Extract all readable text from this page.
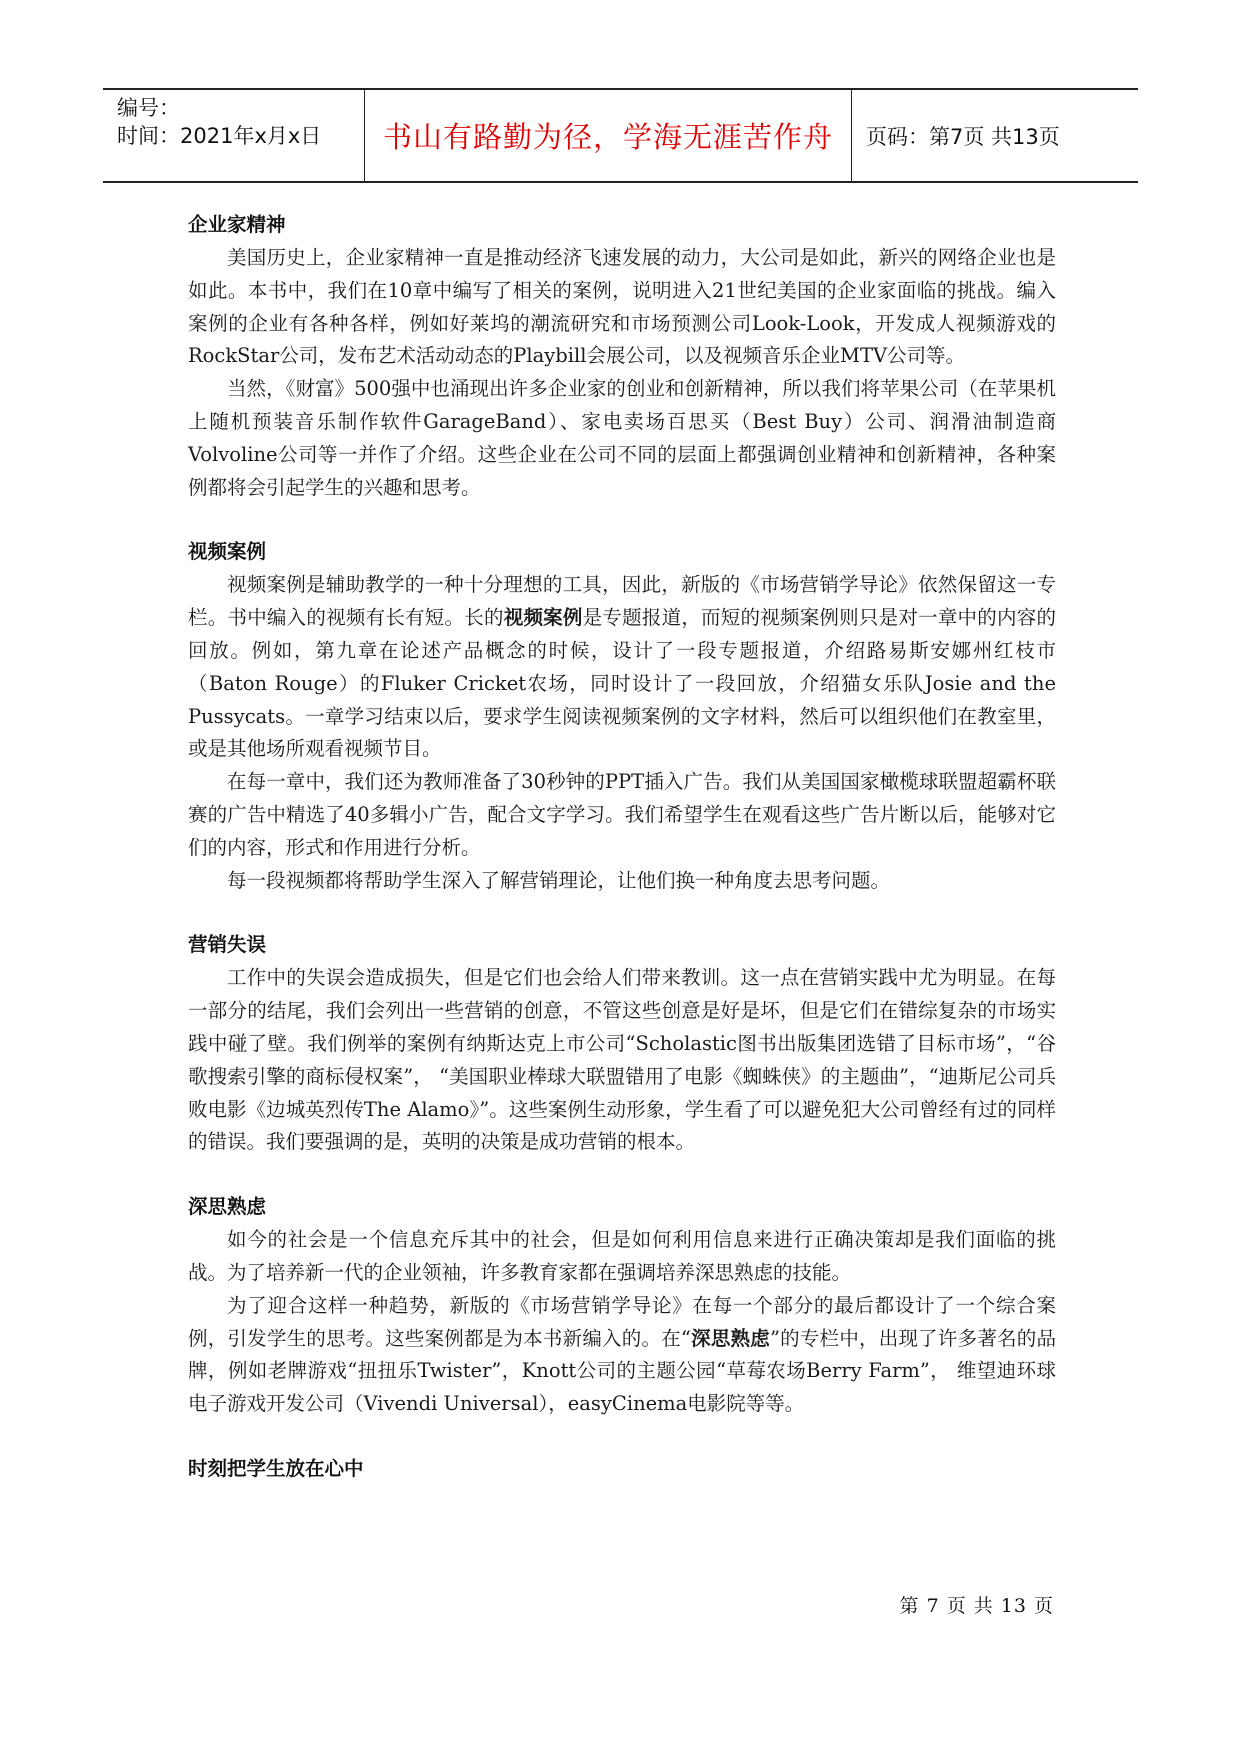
编号：
时间：2021年x月x日	书山有路勤为径，学海无涯苦作舟	页码：第7页 共13页
企业家精神

美国历史上，企业家精神一直是推动经济飞速发展的动力，大公司是如此，新兴的网络企业也是如此。本书中，我们在10章中编写了相关的案例，说明进入21世纪美国的企业家面临的挑战。编入案例的企业有各种各样，例如好莱坞的潮流研究和市场预测公司Look-Look，开发成人视频游戏的RockStar公司，发布艺术活动动态的Playbill会展公司，以及视频音乐企业MTV公司等。

当然，《财富》500强中也涌现出许多企业家的创业和创新精神，所以我们将苹果公司（在苹果机上随机预装音乐制作软件GarageBand）、家电卖场百思买（Best Buy）公司、润滑油制造商Volvoline公司等一并作了介绍。这些企业在公司不同的层面上都强调创业精神和创新精神，各种案例都将会引起学生的兴趣和思考。

视频案例

视频案例是辅助教学的一种十分理想的工具，因此，新版的《市场营销学导论》依然保留这一专栏。书中编入的视频有长有短。长的视频案例是专题报道，而短的视频案例则只是对一章中的内容的回放。例如，第九章在论述产品概念的时候，设计了一段专题报道，介绍路易斯安娜州红枝市（Baton Rouge）的Fluker Cricket农场，同时设计了一段回放，介绍猫女乐队Josie and the Pussycats。一章学习结束以后，要求学生阅读视频案例的文字材料，然后可以组织他们在教室里，或是其他场所观看视频节目。

在每一章中，我们还为教师准备了30秒钟的PPT插入广告。我们从美国国家橄榄球联盟超霸杯联赛的广告中精选了40多辑小广告，配合文字学习。我们希望学生在观看这些广告片断以后，能够对它们的内容，形式和作用进行分析。

每一段视频都将帮助学生深入了解营销理论，让他们换一种角度去思考问题。

营销失误

工作中的失误会造成损失，但是它们也会给人们带来教训。这一点在营销实践中尤为明显。在每一部分的结尾，我们会列出一些营销的创意，不管这些创意是好是坏，但是它们在错综复杂的市场实践中碰了壁。我们例举的案例有纳斯达克上市公司“Scholastic图书出版集团选错了目标市场”，“谷歌搜索引擎的商标侵权案”， “美国职业棒球大联盟错用了电影《蜘蛛侠》的主题曲”，“迪斯尼公司兵败电影《边城英烈传The Alamo》”。这些案例生动形象，学生看了可以避免犯大公司曾经有过的同样的错误。我们要强调的是，英明的决策是成功营销的根本。

深思熟虑

如今的社会是一个信息充斥其中的社会，但是如何利用信息来进行正确决策却是我们面临的挑战。为了培养新一代的企业领袖，许多教育家都在强调培养深思熟虑的技能。

为了迎合这样一种趋势，新版的《市场营销学导论》在每一个部分的最后都设计了一个综合案例，引发学生的思考。这些案例都是为本书新编入的。在“深思熟虑”的专栏中，出现了许多著名的品牌，例如老牌游戏“扭扭乐Twister”，Knott公司的主题公园“草莓农场Berry Farm”， 维望迪环球电子游戏开发公司（Vivendi Universal），easyCinema电影院等等。

时刻把学生放在心中
第 7 页 共 13 页
